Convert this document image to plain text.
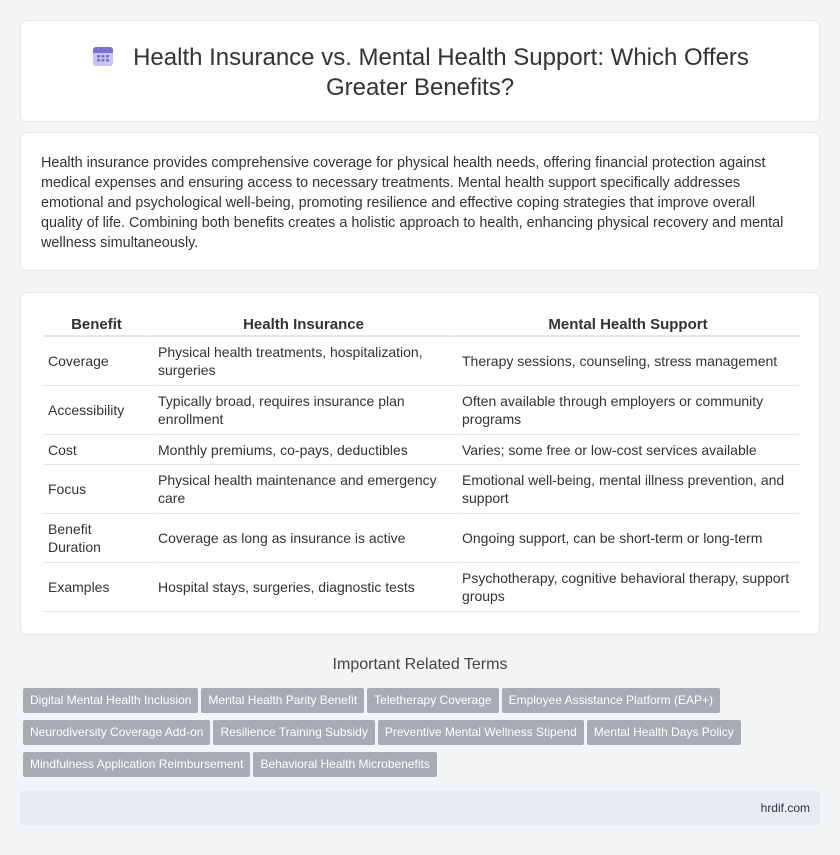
Health Insurance vs. Mental Health Support: Which Offers Greater Benefits?

Health insurance provides comprehensive coverage for physical health needs, offering financial protection against medical expenses and ensuring access to necessary treatments. Mental health support specifically addresses emotional and psychological well-being, promoting resilience and effective coping strategies that improve overall quality of life. Combining both benefits creates a holistic approach to health, enhancing physical recovery and mental wellness simultaneously.

Benefit	Health Insurance	Mental Health Support
Coverage	Physical health treatments, hospitalization, surgeries	Therapy sessions, counseling, stress management
Accessibility	Typically broad, requires insurance plan enrollment	Often available through employers or community programs
Cost	Monthly premiums, co-pays, deductibles	Varies; some free or low-cost services available
Focus	Physical health maintenance and emergency care	Emotional well-being, mental illness prevention, and support
Benefit Duration	Coverage as long as insurance is active	Ongoing support, can be short-term or long-term
Examples	Hospital stays, surgeries, diagnostic tests	Psychotherapy, cognitive behavioral therapy, support groups
Important Related Terms
Digital Mental Health Inclusion Mental Health Parity Benefit Teletherapy Coverage Employee Assistance Platform (EAP+)
Neurodiversity Coverage Add-on Resilience Training Subsidy Preventive Mental Wellness Stipend Mental Health Days Policy
Mindfulness Application Reimbursement Behavioral Health Microbenefits
hrdif.com
